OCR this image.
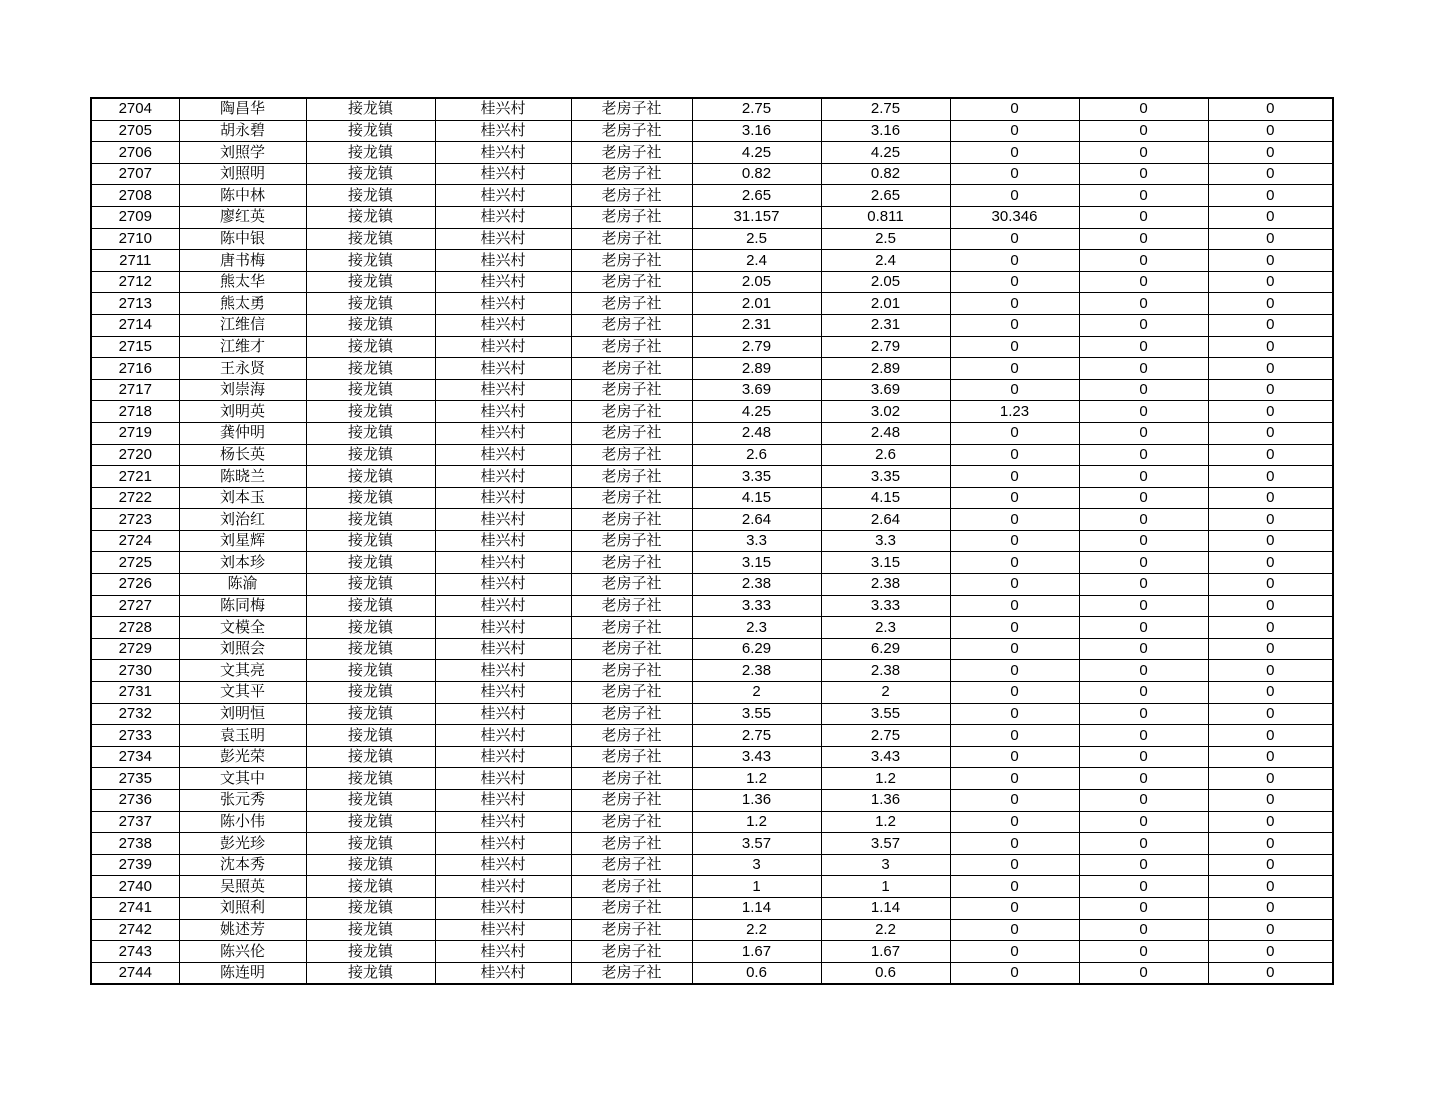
2704	陶昌华	接龙镇	桂兴村	老房子社	2.75	2.75	0	0	0
2705	胡永碧	接龙镇	桂兴村	老房子社	3.16	3.16	0	0	0
2706	刘照学	接龙镇	桂兴村	老房子社	4.25	4.25	0	0	0
2707	刘照明	接龙镇	桂兴村	老房子社	0.82	0.82	0	0	0
2708	陈中林	接龙镇	桂兴村	老房子社	2.65	2.65	0	0	0
2709	廖红英	接龙镇	桂兴村	老房子社	31.157	0.811	30.346	0	0
2710	陈中银	接龙镇	桂兴村	老房子社	2.5	2.5	0	0	0
2711	唐书梅	接龙镇	桂兴村	老房子社	2.4	2.4	0	0	0
2712	熊太华	接龙镇	桂兴村	老房子社	2.05	2.05	0	0	0
2713	熊太勇	接龙镇	桂兴村	老房子社	2.01	2.01	0	0	0
2714	江维信	接龙镇	桂兴村	老房子社	2.31	2.31	0	0	0
2715	江维才	接龙镇	桂兴村	老房子社	2.79	2.79	0	0	0
2716	王永贤	接龙镇	桂兴村	老房子社	2.89	2.89	0	0	0
2717	刘崇海	接龙镇	桂兴村	老房子社	3.69	3.69	0	0	0
2718	刘明英	接龙镇	桂兴村	老房子社	4.25	3.02	1.23	0	0
2719	龚仲明	接龙镇	桂兴村	老房子社	2.48	2.48	0	0	0
2720	杨长英	接龙镇	桂兴村	老房子社	2.6	2.6	0	0	0
2721	陈晓兰	接龙镇	桂兴村	老房子社	3.35	3.35	0	0	0
2722	刘本玉	接龙镇	桂兴村	老房子社	4.15	4.15	0	0	0
2723	刘治红	接龙镇	桂兴村	老房子社	2.64	2.64	0	0	0
2724	刘星辉	接龙镇	桂兴村	老房子社	3.3	3.3	0	0	0
2725	刘本珍	接龙镇	桂兴村	老房子社	3.15	3.15	0	0	0
2726	陈渝	接龙镇	桂兴村	老房子社	2.38	2.38	0	0	0
2727	陈同梅	接龙镇	桂兴村	老房子社	3.33	3.33	0	0	0
2728	文模全	接龙镇	桂兴村	老房子社	2.3	2.3	0	0	0
2729	刘照会	接龙镇	桂兴村	老房子社	6.29	6.29	0	0	0
2730	文其亮	接龙镇	桂兴村	老房子社	2.38	2.38	0	0	0
2731	文其平	接龙镇	桂兴村	老房子社	2	2	0	0	0
2732	刘明恒	接龙镇	桂兴村	老房子社	3.55	3.55	0	0	0
2733	袁玉明	接龙镇	桂兴村	老房子社	2.75	2.75	0	0	0
2734	彭光荣	接龙镇	桂兴村	老房子社	3.43	3.43	0	0	0
2735	文其中	接龙镇	桂兴村	老房子社	1.2	1.2	0	0	0
2736	张元秀	接龙镇	桂兴村	老房子社	1.36	1.36	0	0	0
2737	陈小伟	接龙镇	桂兴村	老房子社	1.2	1.2	0	0	0
2738	彭光珍	接龙镇	桂兴村	老房子社	3.57	3.57	0	0	0
2739	沈本秀	接龙镇	桂兴村	老房子社	3	3	0	0	0
2740	吴照英	接龙镇	桂兴村	老房子社	1	1	0	0	0
2741	刘照利	接龙镇	桂兴村	老房子社	1.14	1.14	0	0	0
2742	姚述芳	接龙镇	桂兴村	老房子社	2.2	2.2	0	0	0
2743	陈兴伦	接龙镇	桂兴村	老房子社	1.67	1.67	0	0	0
2744	陈连明	接龙镇	桂兴村	老房子社	0.6	0.6	0	0	0
